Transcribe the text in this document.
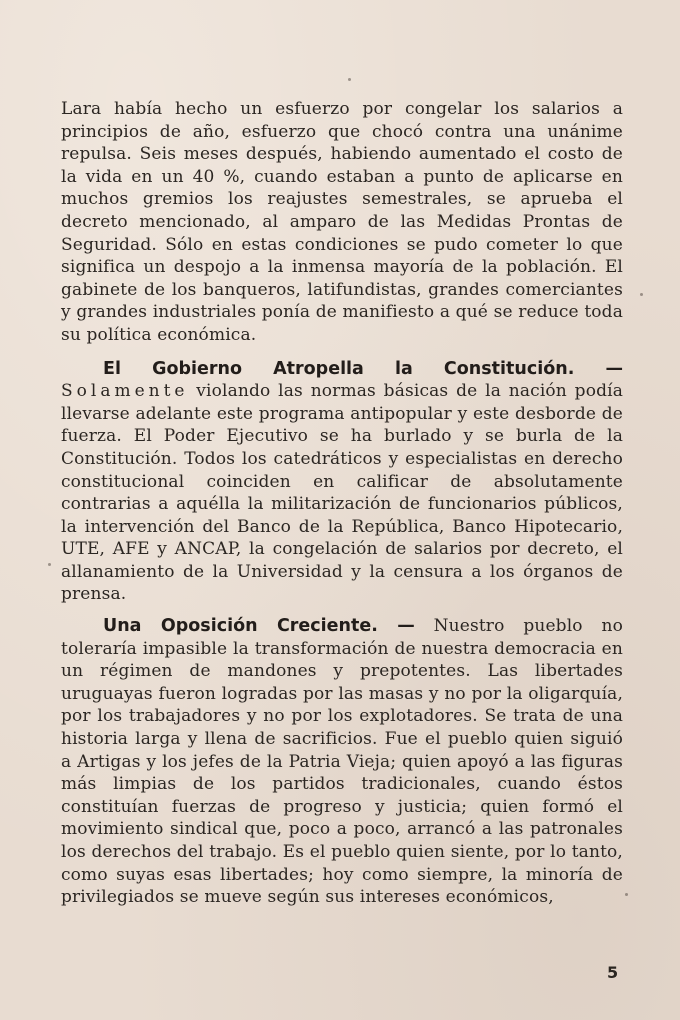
Lara había hecho un esfuerzo por congelar los salarios a principios de año, esfuerzo que chocó contra una unánime repulsa. Seis meses después, habiendo aumentado el costo de la vida en un 40 %, cuando estaban a punto de aplicarse en muchos gremios los reajustes semestrales, se aprueba el decreto mencionado, al amparo de las Medidas Prontas de Seguridad. Sólo en estas condiciones se pudo cometer lo que significa un despojo a la inmensa mayoría de la población. El gabinete de los banqueros, latifundistas, grandes comerciantes y grandes industriales ponía de manifiesto a qué se reduce toda su política económica.

El Gobierno Atropella la Constitución. — Solamente violando las normas básicas de la nación podía llevarse adelante este programa antipopular y este desborde de fuerza. El Poder Ejecutivo se ha burlado y se burla de la Constitución. Todos los catedráticos y especialistas en derecho constitucional coinciden en calificar de absolutamente contrarias a aquélla la militarización de funcionarios públicos, la intervención del Banco de la República, Banco Hipotecario, UTE, AFE y ANCAP, la congelación de salarios por decreto, el allanamiento de la Universidad y la censura a los órganos de prensa.

Una Oposición Creciente. — Nuestro pueblo no toleraría impasible la transformación de nuestra democracia en un régimen de mandones y prepotentes. Las libertades uruguayas fueron logradas por las masas y no por la oligarquía, por los trabajadores y no por los explotadores. Se trata de una historia larga y llena de sacrificios. Fue el pueblo quien siguió a Artigas y los jefes de la Patria Vieja; quien apoyó a las figuras más limpias de los partidos tradicionales, cuando éstos constituían fuerzas de progreso y justicia; quien formó el movimiento sindical que, poco a poco, arrancó a las patronales los derechos del trabajo. Es el pueblo quien siente, por lo tanto, como suyas esas libertades; hoy como siempre, la minoría de privilegiados se mueve según sus intereses económicos,

5
